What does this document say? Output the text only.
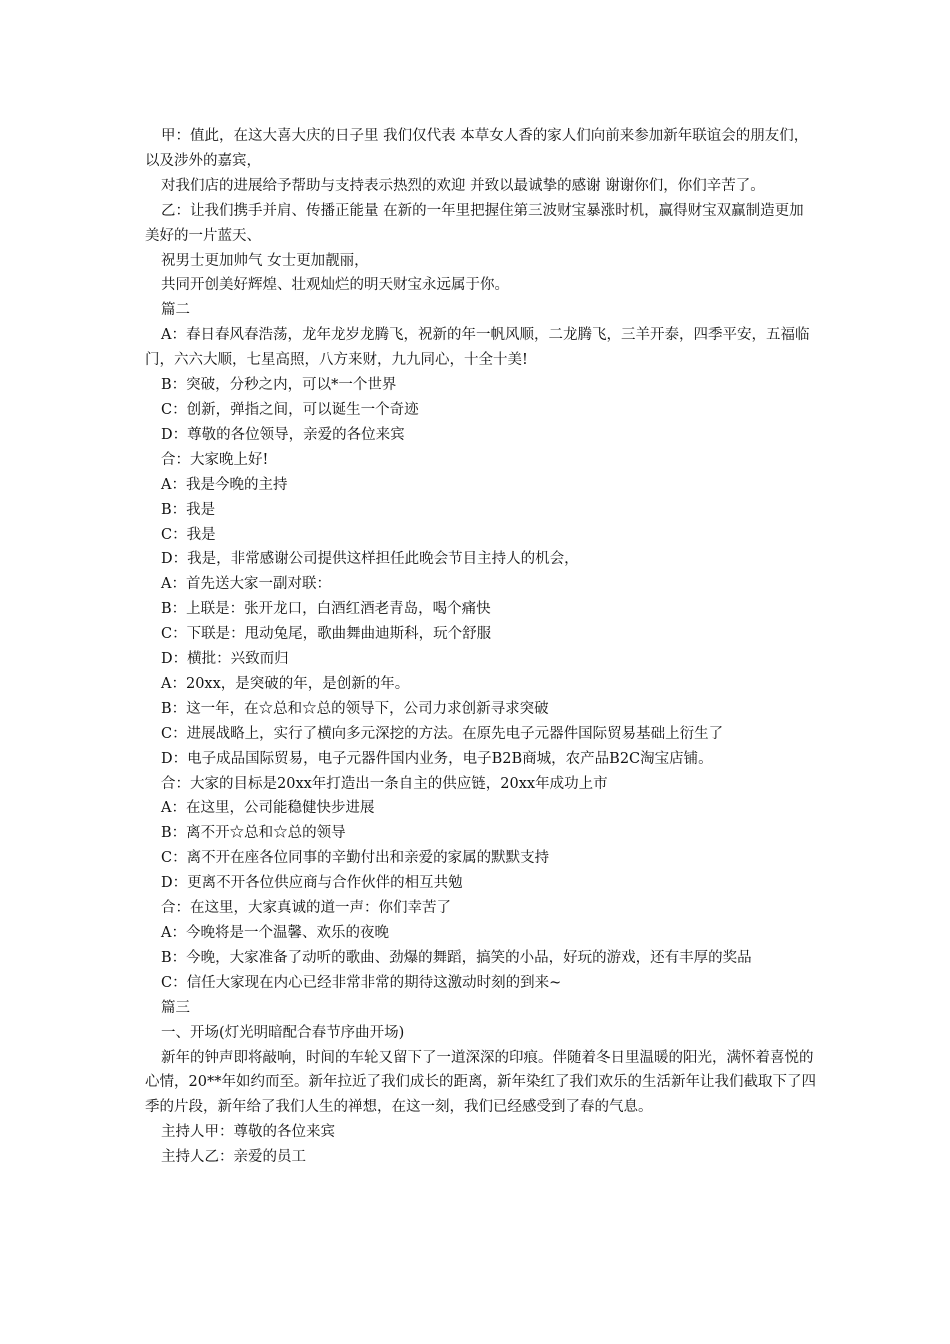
甲：值此，在这大喜大庆的日子里 我们仅代表 本草女人香的家人们向前来参加新年联谊会的朋友们，以及涉外的嘉宾，

对我们店的进展给予帮助与支持表示热烈的欢迎 并致以最诚挚的感谢 谢谢你们，你们辛苦了。

乙：让我们携手并肩、传播正能量 在新的一年里把握住第三波财宝暴涨时机，赢得财宝双赢制造更加美好的一片蓝天、

祝男士更加帅气 女士更加靓丽，

共同开创美好辉煌、壮观灿烂的明天财宝永远属于你。

篇二

A：春日春风春浩荡，龙年龙岁龙腾飞，祝新的年一帆风顺，二龙腾飞，三羊开泰，四季平安，五福临门，六六大顺，七星高照，八方来财，九九同心，十全十美!

B：突破，分秒之内，可以*一个世界

C：创新，弹指之间，可以诞生一个奇迹

D：尊敬的各位领导，亲爱的各位来宾

合：大家晚上好!

A：我是今晚的主持

B：我是

C：我是

D：我是，非常感谢公司提供这样担任此晚会节目主持人的机会，

A：首先送大家一副对联：

B：上联是：张开龙口，白酒红酒老青岛，喝个痛快

C：下联是：甩动兔尾，歌曲舞曲迪斯科，玩个舒服

D：横批：兴致而归

A：20xx，是突破的年，是创新的年。

B：这一年，在☆总和☆总的领导下，公司力求创新寻求突破

C：进展战略上，实行了横向多元深挖的方法。在原先电子元器件国际贸易基础上衍生了

D：电子成品国际贸易，电子元器件国内业务，电子B2B商城，农产品B2C淘宝店铺。

合：大家的目标是20xx年打造出一条自主的供应链，20xx年成功上市

A：在这里，公司能稳健快步进展

B：离不开☆总和☆总的领导

C：离不开在座各位同事的辛勤付出和亲爱的家属的默默支持

D：更离不开各位供应商与合作伙伴的相互共勉

合：在这里，大家真诚的道一声：你们幸苦了

A：今晚将是一个温馨、欢乐的夜晚

B：今晚，大家准备了动听的歌曲、劲爆的舞蹈，搞笑的小品，好玩的游戏，还有丰厚的奖品

C：信任大家现在内心已经非常非常的期待这激动时刻的到来~

篇三

一、开场(灯光明暗配合春节序曲开场)

新年的钟声即将敲响，时间的车轮又留下了一道深深的印痕。伴随着冬日里温暖的阳光，满怀着喜悦的心情，20**年如约而至。新年拉近了我们成长的距离，新年染红了我们欢乐的生活新年让我们截取下了四季的片段，新年给了我们人生的禅想，在这一刻，我们已经感受到了春的气息。

主持人甲：尊敬的各位来宾

主持人乙：亲爱的员工
